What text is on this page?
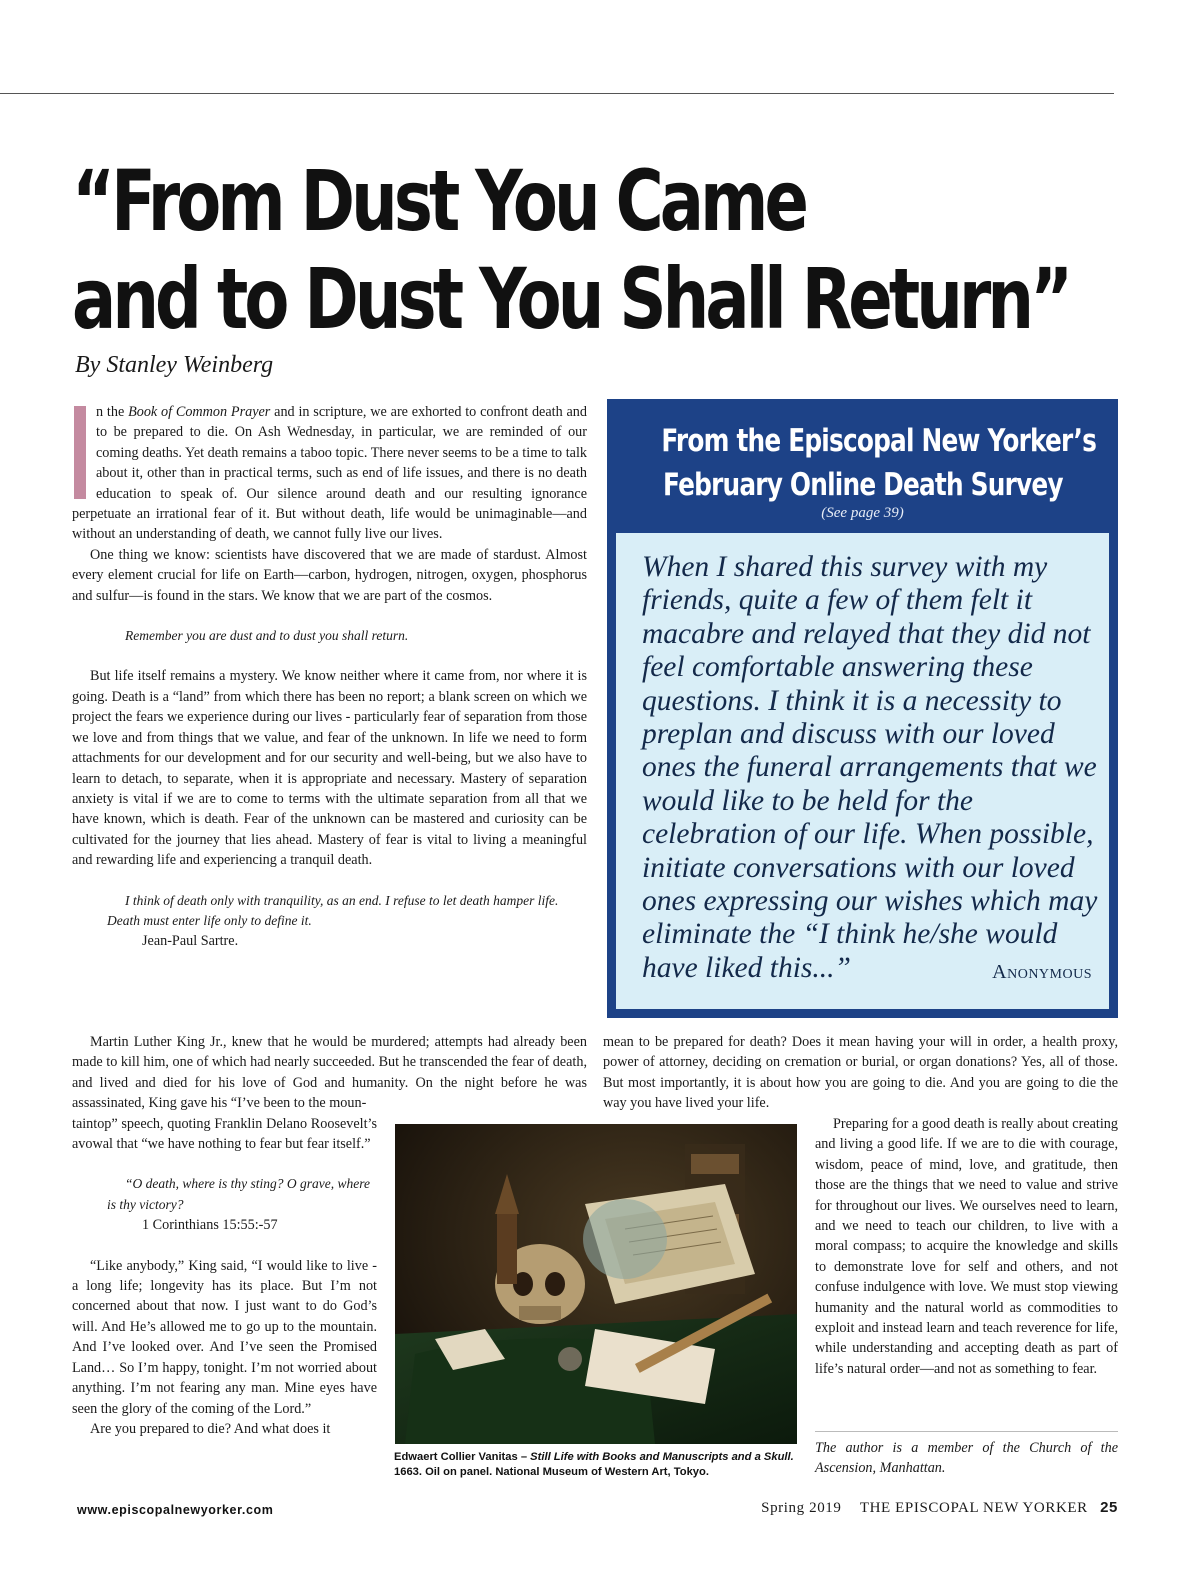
“From Dust You Came
and to Dust You Shall Return”
By Stanley Weinberg

n the Book of Common Prayer and in scripture, we are exhorted to confront death and to be prepared to die. On Ash Wednesday, in particular, we are reminded of our coming deaths. Yet death remains a taboo topic. There never seems to be a time to talk about it, other than in practical terms, such as end of life issues, and there is no death education to speak of. Our silence around death and our resulting ignorance perpetuate an irrational fear of it. But without death, life would be unimaginable—and without an understanding of death, we cannot fully live our lives.

One thing we know: scientists have discovered that we are made of stardust. Almost every element crucial for life on Earth—carbon, hydrogen, nitrogen, oxygen, phosphorus and sulfur—is found in the stars. We know that we are part of the cosmos.

Remember you are dust and to dust you shall return.

But life itself remains a mystery. We know neither where it came from, nor where it is going. Death is a “land” from which there has been no report; a blank screen on which we project the fears we experience during our lives - particularly fear of separation from those we love and from things that we value, and fear of the unknown. In life we need to form attachments for our development and for our security and well-being, but we also have to learn to detach, to separate, when it is appropriate and necessary. Mastery of separation anxiety is vital if we are to come to terms with the ultimate separation from all that we have known, which is death. Fear of the unknown can be mastered and curiosity can be cultivated for the journey that lies ahead. Mastery of fear is vital to living a meaningful and rewarding life and experiencing a tranquil death.

I think of death only with tranquility, as an end. I refuse to let death hamper life. Death must enter life only to define it.

Jean-Paul Sartre.

From the Episcopal New Yorker’s
February Online Death Survey
(See page 39)

When I shared this survey with my friends, quite a few of them felt it macabre and relayed that they did not feel comfortable answering these questions. I think it is a necessity to preplan and discuss with our loved ones the funeral arrangements that we would like to be held for the celebration of our life. When possible, initiate conversations with our loved ones expressing our wishes which may eliminate the “I think he/she would have liked this...”	Anonymous

Martin Luther King Jr., knew that he would be murdered; attempts had already been made to kill him, one of which had nearly succeeded. But he transcended the fear of death, and lived and died for his love of God and humanity. On the night before he was assassinated, King gave his “I’ve been to the moun-

taintop” speech, quoting Franklin Delano Roosevelt’s avowal that “we have nothing to fear but fear itself.”

“O death, where is thy sting? O grave, where is thy victory?

1 Corinthians 15:55:-57

“Like anybody,” King said, “I would like to live - a long life; longevity has its place. But I’m not concerned about that now. I just want to do God’s will. And He’s allowed me to go up to the mountain. And I’ve looked over. And I’ve seen the Promised Land… So I’m happy, tonight. I’m not worried about anything. I’m not fearing any man. Mine eyes have seen the glory of the coming of the Lord.”

Are you prepared to die? And what does it

mean to be prepared for death? Does it mean having your will in order, a health proxy, power of attorney, deciding on cremation or burial, or organ donations? Yes, all of those. But most importantly, it is about how you are going to die. And you are going to die the way you have lived your life.

Edwaert Collier Vanitas – Still Life with Books and Manuscripts and a Skull. 1663. Oil on panel. National Museum of Western Art, Tokyo.

Preparing for a good death is really about creating and living a good life. If we are to die with courage, wisdom, peace of mind, love, and gratitude, then those are the things that we need to value and strive for throughout our lives. We ourselves need to learn, and we need to teach our children, to live with a moral compass; to acquire the knowledge and skills to demonstrate love for self and others, and not confuse indulgence with love. We must stop viewing humanity and the natural world as commodities to exploit and instead learn and teach reverence for life, while understanding and accepting death as part of life’s natural order—and not as something to fear.

The author is a member of the Church of the Ascension, Manhattan.

www.episcopalnewyorker.com	Spring 2019 THE EPISCOPAL NEW YORKER 25
